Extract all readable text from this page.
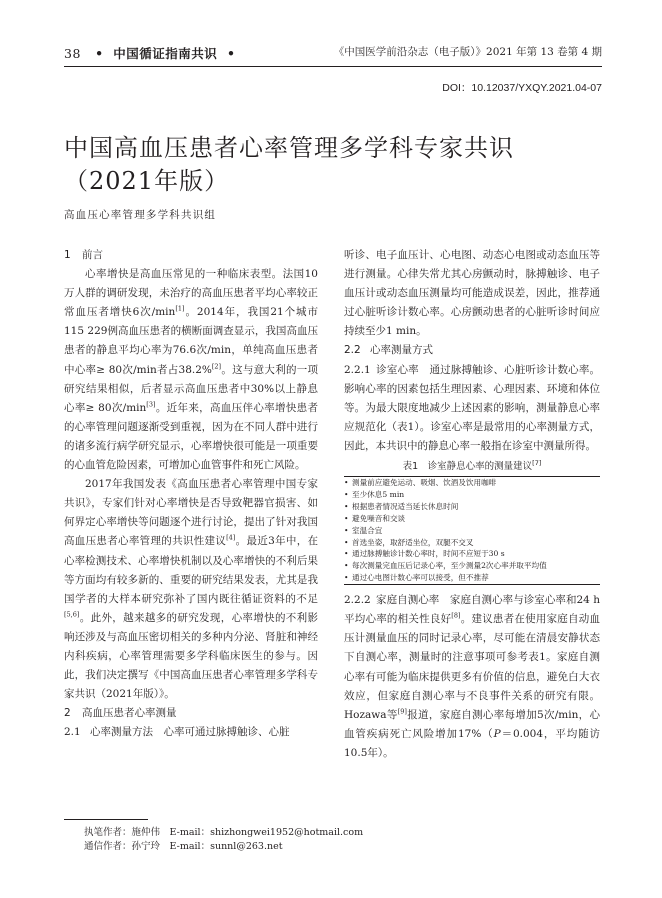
38   •  中国循证指南共识  •	《中国医学前沿杂志（电子版）》2021 年第 13 卷第 4 期
DOI：10.12037/YXQY.2021.04-07
中国高血压患者心率管理多学科专家共识
（2021年版）
高血压心率管理多学科共识组
1 前言

心率增快是高血压常见的一种临床表型。法国10万人群的调研发现，未治疗的高血压患者平均心率较正常血压者增快6次/min[1]。2014年，我国21个城市115 229例高血压患者的横断面调查显示，我国高血压患者的静息平均心率为76.6次/min，单纯高血压患者中心率≥ 80次/min者占38.2%[2]。这与意大利的一项研究结果相似，后者显示高血压患者中30%以上静息心率≥ 80次/min[3]。近年来，高血压伴心率增快患者的心率管理问题逐渐受到重视，因为在不同人群中进行的诸多流行病学研究显示，心率增快很可能是一项重要的心血管危险因素，可增加心血管事件和死亡风险。

2017年我国发表《高血压患者心率管理中国专家共识》，专家们针对心率增快是否导致靶器官损害、如何界定心率增快等问题逐个进行讨论，提出了针对我国高血压患者心率管理的共识性建议[4]。最近3年中，在心率检测技术、心率增快机制以及心率增快的不利后果等方面均有较多新的、重要的研究结果发表，尤其是我国学者的大样本研究弥补了国内既往循证资料的不足[5,6]。此外，越来越多的研究发现，心率增快的不利影响还涉及与高血压密切相关的多种内分泌、肾脏和神经内科疾病，心率管理需要多学科临床医生的参与。因此，我们决定撰写《中国高血压患者心率管理多学科专家共识（2021年版）》。

2 高血压患者心率测量

2.1 心率测量方法　 心率可通过脉搏触诊、心脏

听诊、电子血压计、心电图、动态心电图或动态血压等进行测量。心律失常尤其心房颤动时，脉搏触诊、电子血压计或动态血压测量均可能造成误差，因此，推荐通过心脏听诊计数心率。心房颤动患者的心脏听诊时间应持续至少1 min。

2.2 心率测量方式

2.2.1 诊室心率　 通过脉搏触诊、心脏听诊计数心率。影响心率的因素包括生理因素、心理因素、环境和体位等。为最大限度地减少上述因素的影响，测量静息心率应规范化（表1）。诊室心率是最常用的心率测量方式，因此，本共识中的静息心率一般指在诊室中测量所得。

表1　诊室静息心率的测量建议[7]
• 测量前应避免运动、吸烟、饮酒及饮用咖啡
• 至少休息5 min
• 根据患者情况适当延长休息时间
• 避免噪音和交谈
• 室温合宜
• 首选坐姿，取舒适坐位，双腿不交叉
• 通过脉搏触诊计数心率时，时间不应短于30 s
• 每次测量完血压后记录心率，至少测量2次心率并取平均值
• 通过心电图计数心率可以接受，但不推荐

2.2.2 家庭自测心率　 家庭自测心率与诊室心率和24 h平均心率的相关性良好[8]。建议患者在使用家庭自动血压计测量血压的同时记录心率，尽可能在清晨安静状态下自测心率，测量时的注意事项可参考表1。家庭自测心率有可能为临床提供更多有价值的信息，避免白大衣效应，但家庭自测心率与不良事件关系的研究有限。Hozawa等[9]报道，家庭自测心率每增加5次/min，心血管疾病死亡风险增加17%（P＝0.004，平均随访10.5年）。

执笔作者：施仲伟　E-mail：shizhongwei1952@hotmail.com
通信作者：孙宁玲　E-mail：sunnl@263.net
